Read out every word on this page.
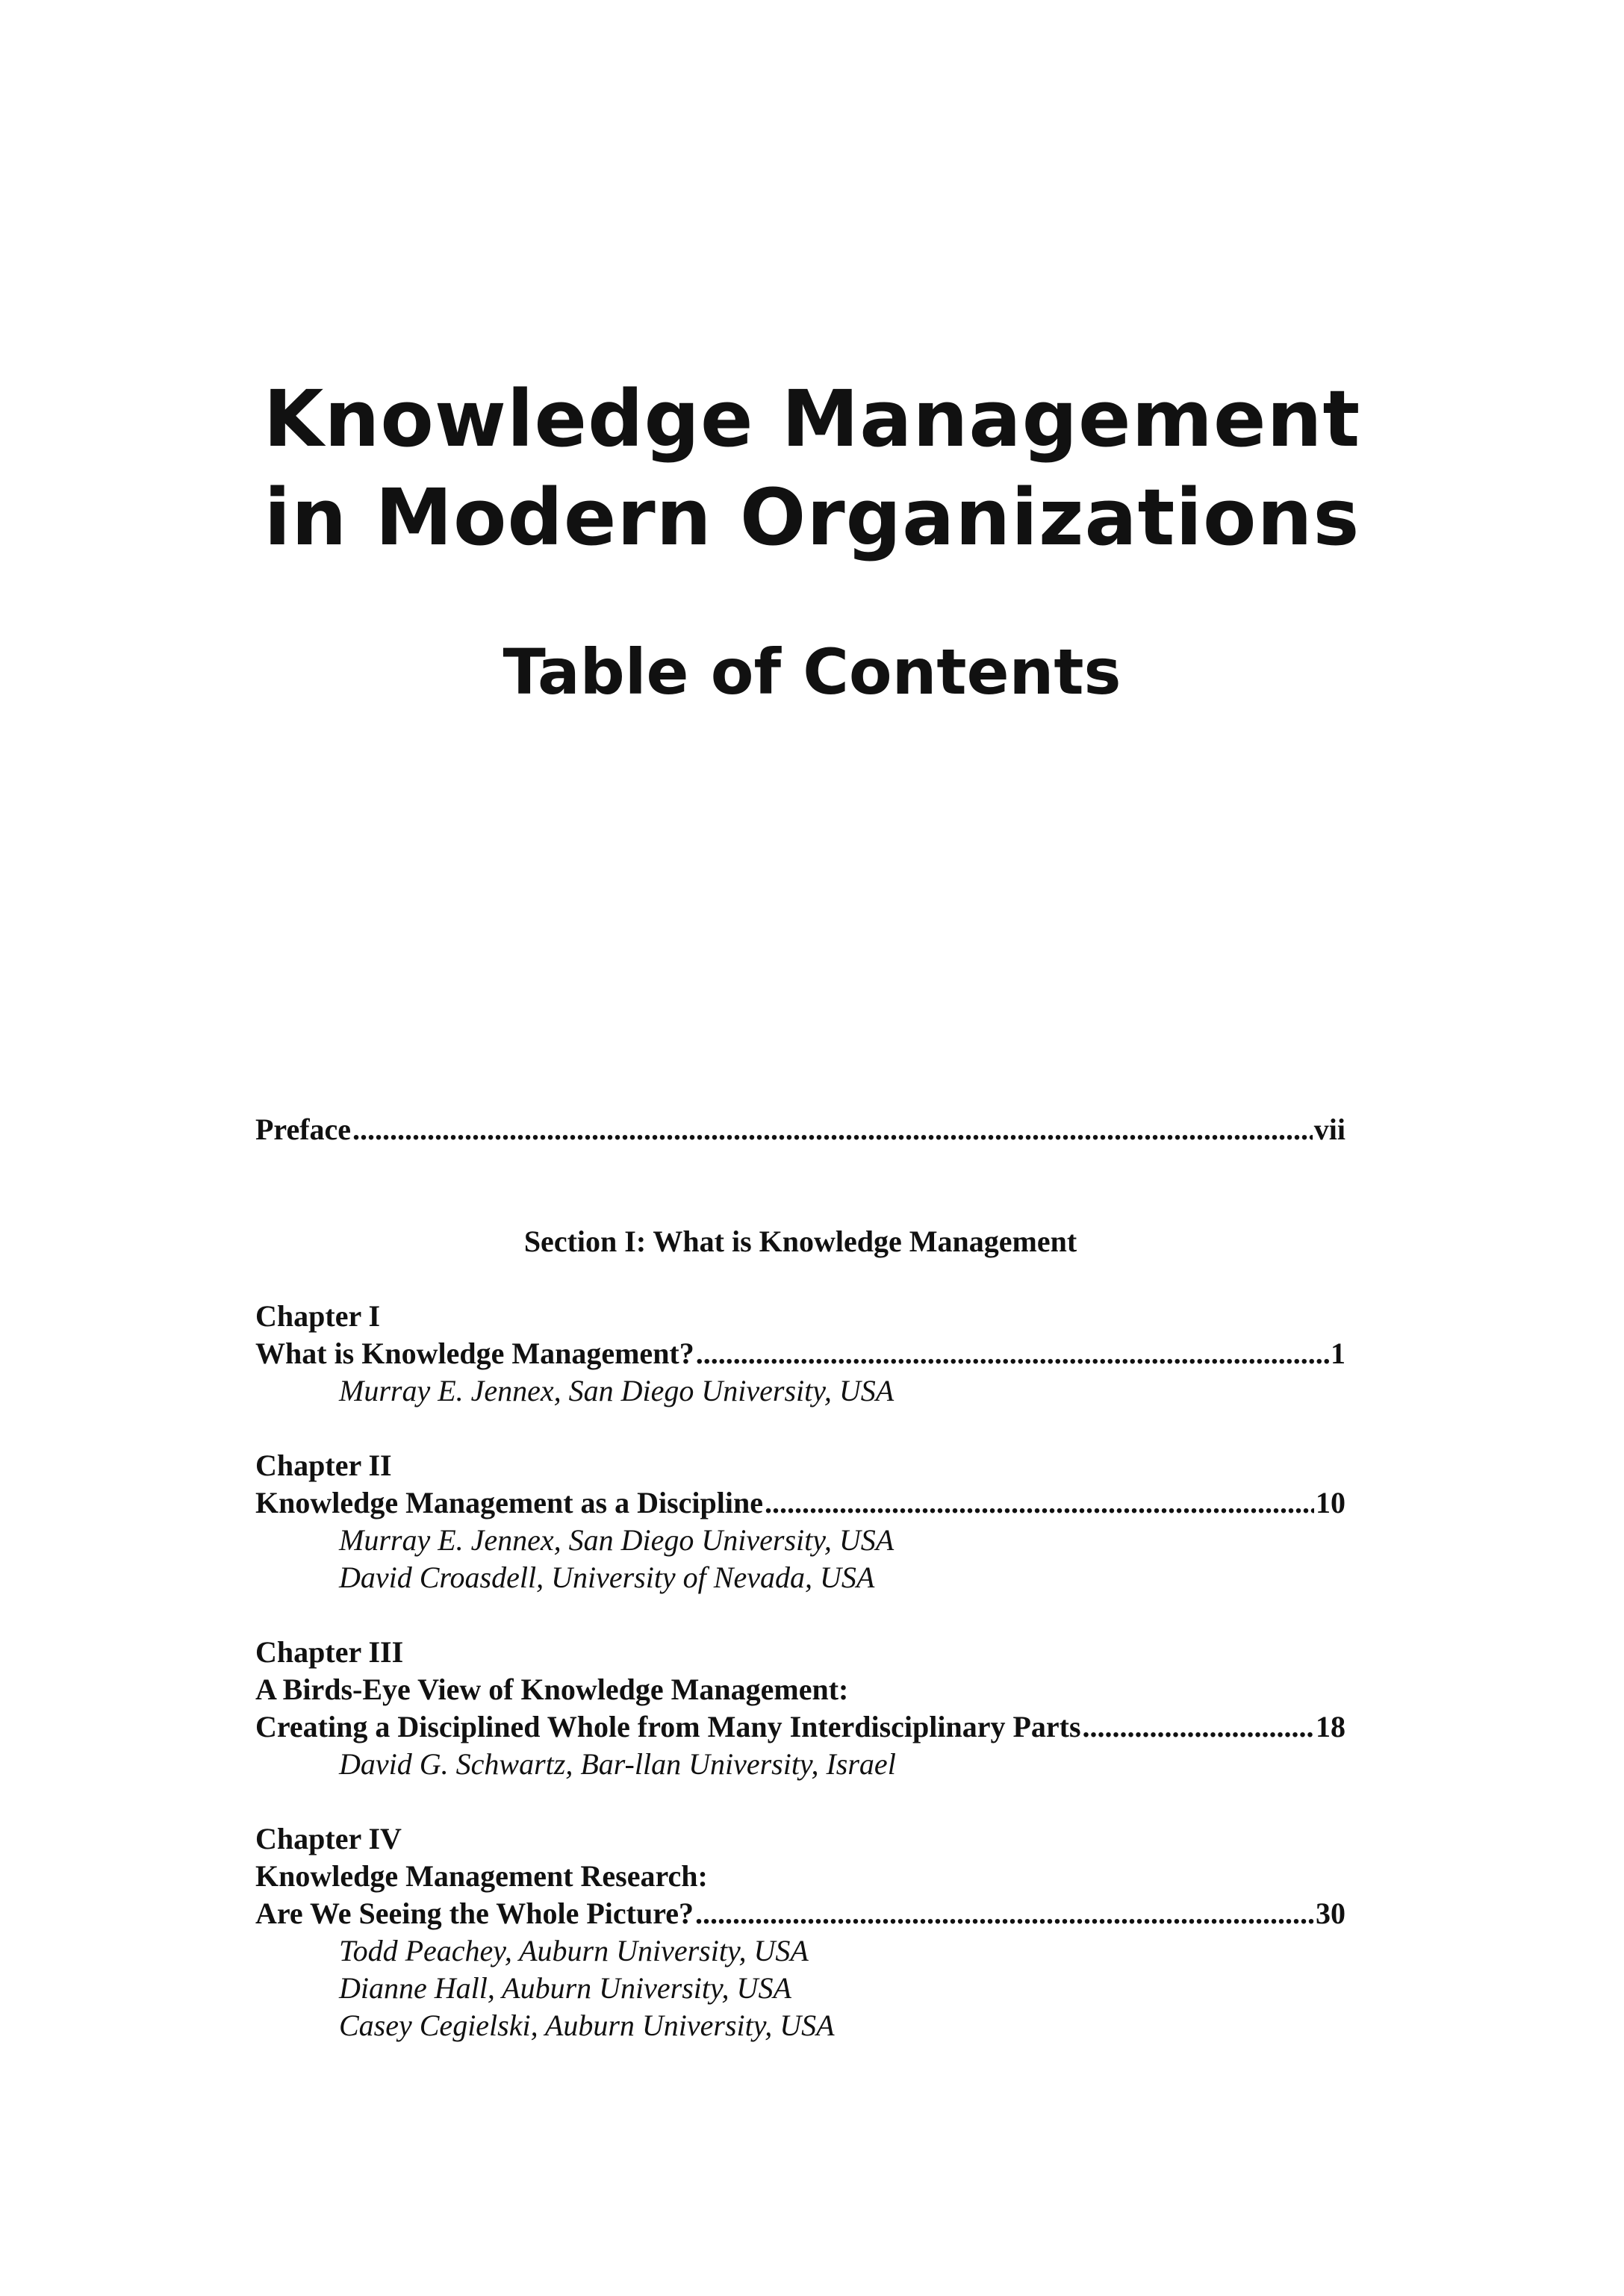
Knowledge Management
in Modern Organizations
Table of Contents
Preface .....	vii
Section I: What is Knowledge Management
Chapter I
What is Knowledge Management? .....	1
Murray E. Jennex, San Diego University, USA
Chapter II
Knowledge Management as a Discipline .....	10
Murray E. Jennex, San Diego University, USA
David Croasdell, University of Nevada, USA
Chapter III
A Birds-Eye View of Knowledge Management:
Creating a Disciplined Whole from Many Interdisciplinary Parts .....	18
David G. Schwartz, Bar-llan University, Israel
Chapter IV
Knowledge Management Research:
Are We Seeing the Whole Picture? .....	30
Todd Peachey, Auburn University, USA
Dianne Hall, Auburn University, USA
Casey Cegielski, Auburn University, USA
